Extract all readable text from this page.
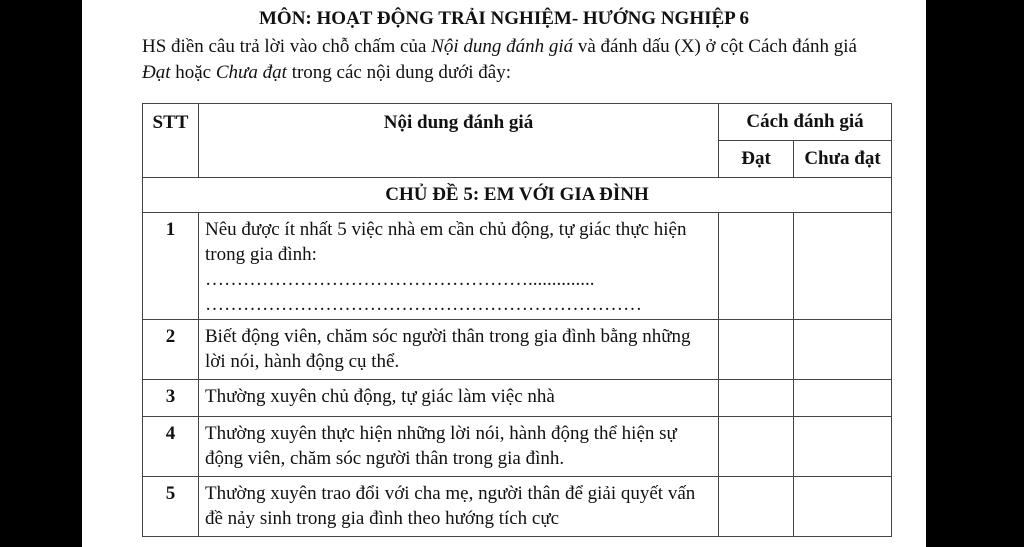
MÔN: HOẠT ĐỘNG TRẢI NGHIỆM- HƯỚNG NGHIỆP 6
HS điền câu trả lời vào chỗ chấm của Nội dung đánh giá và đánh dấu (X) ở cột Cách đánh giá Đạt hoặc Chưa đạt trong các nội dung dưới đây:
STT	Nội dung đánh giá	Cách đánh giá	
		Đạt	Chưa đạt
CHỦ ĐỀ 5: EM VỚI GIA ĐÌNH			
1	Nêu được ít nhất 5 việc nhà em cần chủ động, tự giác thực hiện trong gia đình:
……………………………………………..............
……………………………………………………………		

2	Biết động viên, chăm sóc người thân trong gia đình bằng những lời nói, hành động cụ thể.		
3	Thường xuyên chủ động, tự giác làm việc nhà		
4	Thường xuyên thực hiện những lời nói, hành động thể hiện sự động viên, chăm sóc người thân trong gia đình.		
5	Thường xuyên trao đổi với cha mẹ, người thân để giải quyết vấn đề nảy sinh trong gia đình theo hướng tích cực		
